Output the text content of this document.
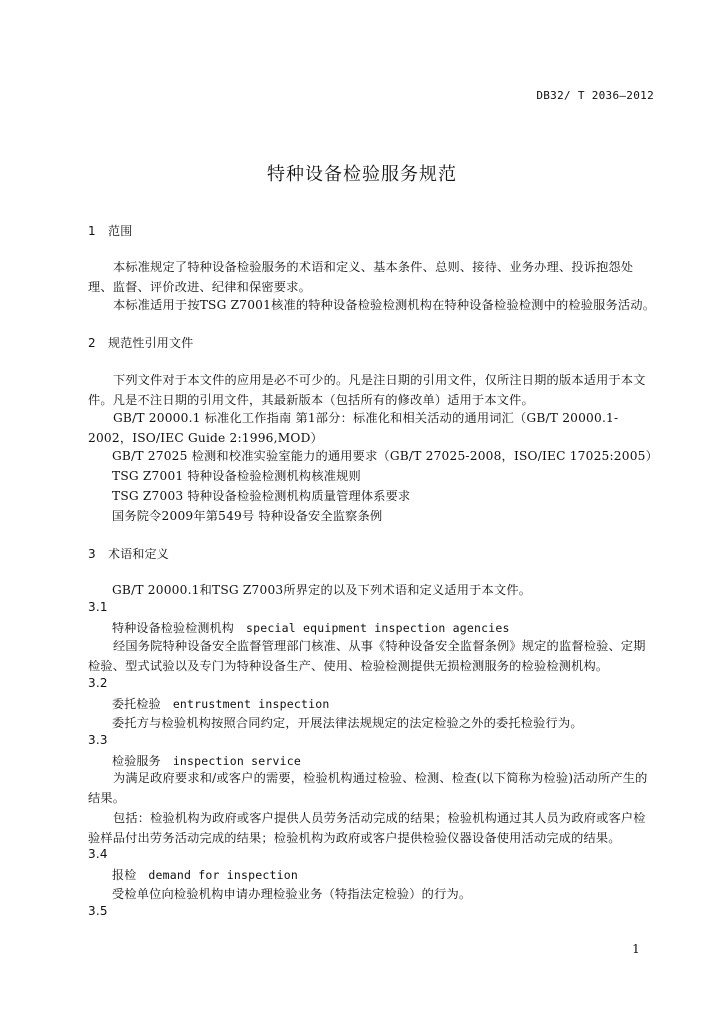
DB32/ T 2036—2012
特种设备检验服务规范
1 范围
本标准规定了特种设备检验服务的术语和定义、基本条件、总则、接待、业务办理、投诉抱怨处理、监督、评价改进、纪律和保密要求。
本标准适用于按TSG Z7001核准的特种设备检验检测机构在特种设备检验检测中的检验服务活动。
2 规范性引用文件
下列文件对于本文件的应用是必不可少的。凡是注日期的引用文件，仅所注日期的版本适用于本文件。凡是不注日期的引用文件，其最新版本（包括所有的修改单）适用于本文件。
GB/T 20000.1 标准化工作指南 第1部分：标准化和相关活动的通用词汇（GB/T 20000.1-2002，ISO/IEC Guide 2:1996,MOD）
GB/T 27025 检测和校准实验室能力的通用要求（GB/T 27025-2008，ISO/IEC 17025:2005）
TSG Z7001 特种设备检验检测机构核准规则
TSG Z7003 特种设备检验检测机构质量管理体系要求
国务院令2009年第549号 特种设备安全监察条例
3 术语和定义
GB/T 20000.1和TSG Z7003所界定的以及下列术语和定义适用于本文件。
3.1
特种设备检验检测机构 special equipment inspection agencies
经国务院特种设备安全监督管理部门核准、从事《特种设备安全监督条例》规定的监督检验、定期检验、型式试验以及专门为特种设备生产、使用、检验检测提供无损检测服务的检验检测机构。
3.2
委托检验 entrustment inspection
委托方与检验机构按照合同约定，开展法律法规规定的法定检验之外的委托检验行为。
3.3
检验服务 inspection service
为满足政府要求和/或客户的需要，检验机构通过检验、检测、检查(以下简称为检验)活动所产生的结果。
包括：检验机构为政府或客户提供人员劳务活动完成的结果；检验机构通过其人员为政府或客户检验样品付出劳务活动完成的结果；检验机构为政府或客户提供检验仪器设备使用活动完成的结果。
3.4
报检 demand for inspection
受检单位向检验机构申请办理检验业务（特指法定检验）的行为。
3.5
1
